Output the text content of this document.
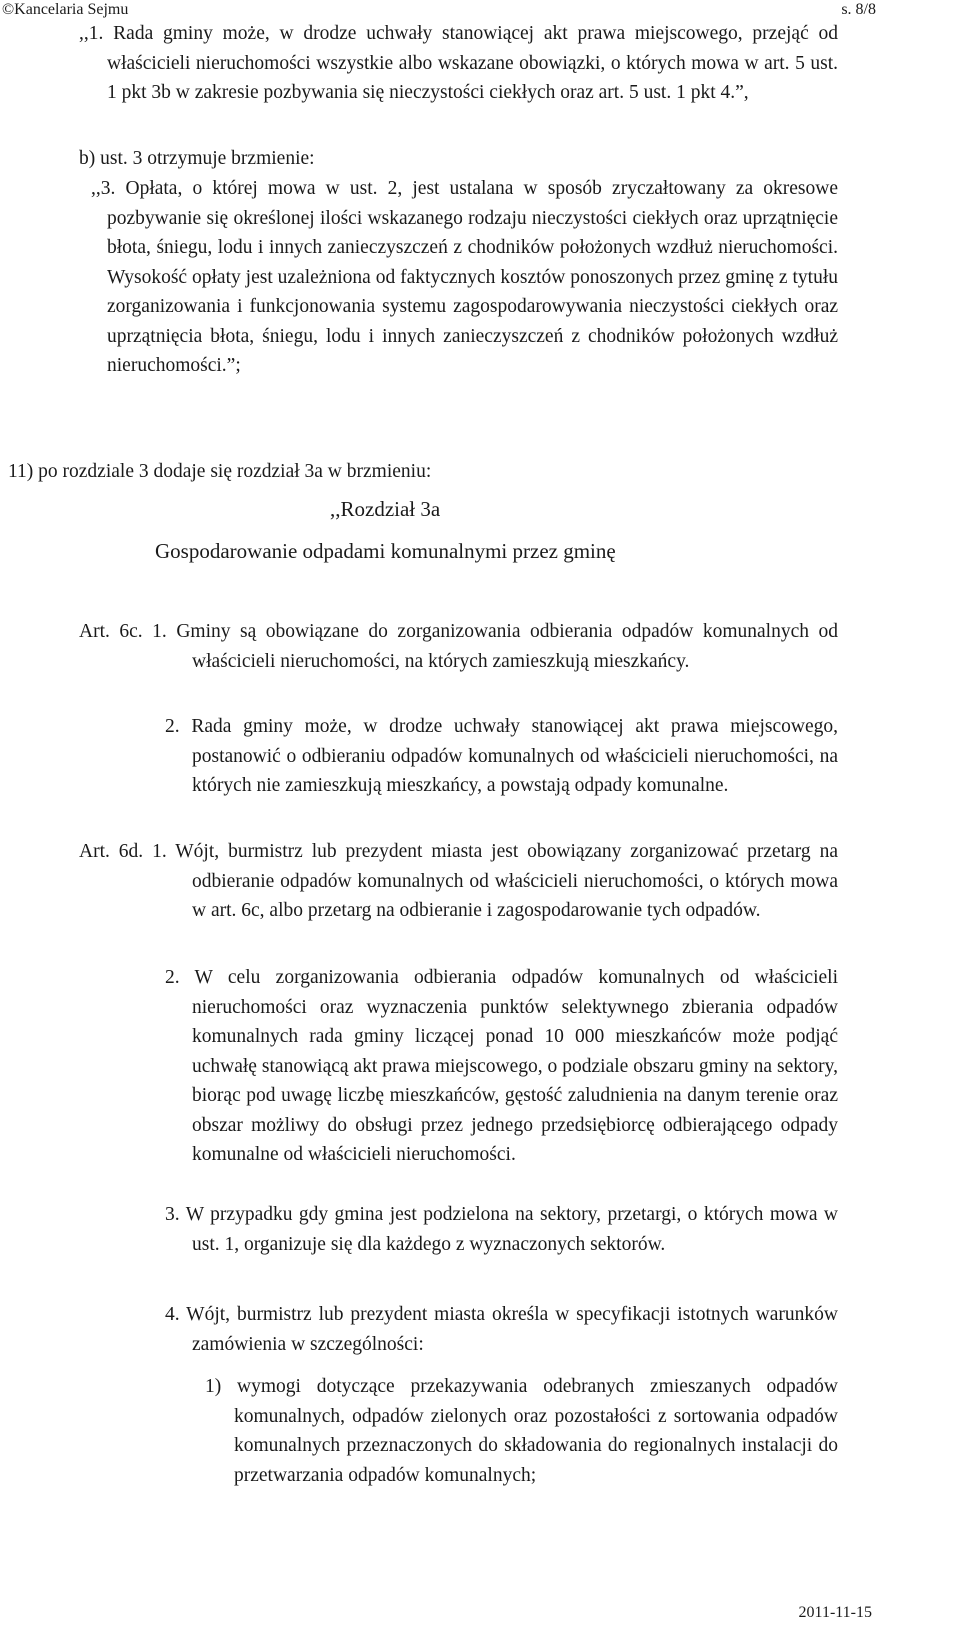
©Kancelaria Sejmu	s. 8/8
,,1. Rada gminy może, w drodze uchwały stanowiącej akt prawa miejscowego, przejąć od właścicieli nieruchomości wszystkie albo wskazane obowiązki, o których mowa w art. 5 ust. 1 pkt 3b w zakresie pozbywania się nieczystości ciekłych oraz art. 5 ust. 1 pkt 4.”,
b) ust. 3 otrzymuje brzmienie:
,,3. Opłata, o której mowa w ust. 2, jest ustalana w sposób zryczałtowany za okresowe pozbywanie się określonej ilości wskazanego rodzaju nieczystości ciekłych oraz uprzątnięcie błota, śniegu, lodu i innych zanieczyszczeń z chodników położonych wzdłuż nieruchomości. Wysokość opłaty jest uzależniona od faktycznych kosztów ponoszonych przez gminę z tytułu zorganizowania i funkcjonowania systemu zagospodarowywania nieczystości ciekłych oraz uprzątnięcia błota, śniegu, lodu i innych zanieczyszczeń z chodników położonych wzdłuż nieruchomości.”;
11) po rozdziale 3 dodaje się rozdział 3a w brzmieniu:
,,Rozdział 3a
Gospodarowanie odpadami komunalnymi przez gminę
Art. 6c. 1. Gminy są obowiązane do zorganizowania odbierania odpadów komunalnych od właścicieli nieruchomości, na których zamieszkują mieszkańcy.
2. Rada gminy może, w drodze uchwały stanowiącej akt prawa miejscowego, postanowić o odbieraniu odpadów komunalnych od właścicieli nieruchomości, na których nie zamieszkują mieszkańcy, a powstają odpady komunalne.
Art. 6d. 1. Wójt, burmistrz lub prezydent miasta jest obowiązany zorganizować przetarg na odbieranie odpadów komunalnych od właścicieli nieruchomości, o których mowa w art. 6c, albo przetarg na odbieranie i zagospodarowanie tych odpadów.
2. W celu zorganizowania odbierania odpadów komunalnych od właścicieli nieruchomości oraz wyznaczenia punktów selektywnego zbierania odpadów komunalnych rada gminy liczącej ponad 10 000 mieszkańców może podjąć uchwałę stanowiącą akt prawa miejscowego, o podziale obszaru gminy na sektory, biorąc pod uwagę liczbę mieszkańców, gęstość zaludnienia na danym terenie oraz obszar możliwy do obsługi przez jednego przedsiębiorcę odbierającego odpady komunalne od właścicieli nieruchomości.
3. W przypadku gdy gmina jest podzielona na sektory, przetargi, o których mowa w ust. 1, organizuje się dla każdego z wyznaczonych sektorów.
4. Wójt, burmistrz lub prezydent miasta określa w specyfikacji istotnych warunków zamówienia w szczególności:
1) wymogi dotyczące przekazywania odebranych zmieszanych odpadów komunalnych, odpadów zielonych oraz pozostałości z sortowania odpadów komunalnych przeznaczonych do składowania do regionalnych instalacji do przetwarzania odpadów komunalnych;
2011-11-15
